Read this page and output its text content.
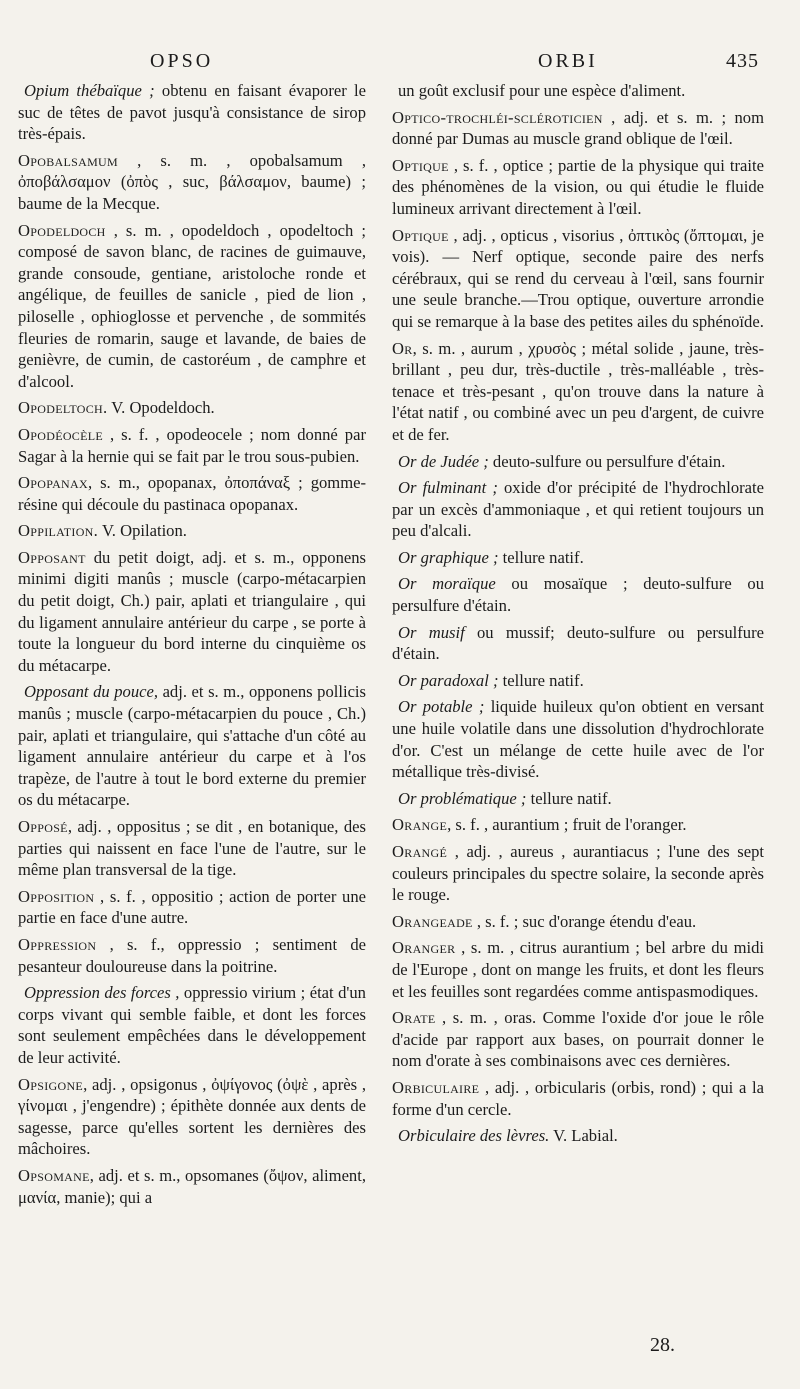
OPSO	ORBI	435

Opium thébaïque ; obtenu en faisant évaporer le suc de têtes de pavot jusqu'à consistance de sirop très-épais.

Opobalsamum , s. m. , opobalsamum , ὀποβάλσαμον (ὀπὸς , suc, βάλσαμον, baume) ; baume de la Mecque.

Opodeldoch , s. m. , opodeldoch , opodeltoch ; composé de savon blanc, de racines de guimauve, grande consoude, gentiane, aristoloche ronde et angélique, de feuilles de sanicle , pied de lion , piloselle , ophioglosse et pervenche , de sommités fleuries de romarin, sauge et lavande, de baies de genièvre, de cumin, de castoréum , de camphre et d'alcool.

Opodeltoch. V. Opodeldoch.

Opodéocèle , s. f. , opodeocele ; nom donné par Sagar à la hernie qui se fait par le trou sous-pubien.

Opopanax, s. m., opopanax, ὀποπάναξ ; gomme-résine qui découle du pastinaca opopanax.

Oppilation. V. Opilation.

Opposant du petit doigt, adj. et s. m., opponens minimi digiti manûs ; muscle (carpo-métacarpien du petit doigt, Ch.) pair, aplati et triangulaire , qui du ligament annulaire antérieur du carpe , se porte à toute la longueur du bord interne du cinquième os du métacarpe.

Opposant du pouce, adj. et s. m., opponens pollicis manûs ; muscle (carpo-métacarpien du pouce , Ch.) pair, aplati et triangulaire, qui s'attache d'un côté au ligament annulaire antérieur du carpe et à l'os trapèze, de l'autre à tout le bord externe du premier os du métacarpe.

Opposé, adj. , oppositus ; se dit , en botanique, des parties qui naissent en face l'une de l'autre, sur le même plan transversal de la tige.

Opposition , s. f. , oppositio ; action de porter une partie en face d'une autre.

Oppression , s. f., oppressio ; sentiment de pesanteur douloureuse dans la poitrine.

Oppression des forces , oppressio virium ; état d'un corps vivant qui semble faible, et dont les forces sont seulement empêchées dans le développement de leur activité.

Opsigone, adj. , opsigonus , ὀψίγονος (ὀψὲ , après , γίνομαι , j'engendre) ; épithète donnée aux dents de sagesse, parce qu'elles sortent les dernières des mâchoires.

Opsomane, adj. et s. m., opsomanes (ὄψον, aliment, μανία, manie); qui a

un goût exclusif pour une espèce d'aliment.

Optico-trochléi-scléroticien , adj. et s. m. ; nom donné par Dumas au muscle grand oblique de l'œil.

Optique , s. f. , optice ; partie de la physique qui traite des phénomènes de la vision, ou qui étudie le fluide lumineux arrivant directement à l'œil.

Optique , adj. , opticus , visorius , ὀπτικὸς (ὄπτομαι, je vois). — Nerf optique, seconde paire des nerfs cérébraux, qui se rend du cerveau à l'œil, sans fournir une seule branche.—Trou optique, ouverture arrondie qui se remarque à la base des petites ailes du sphénoïde.

Or, s. m. , aurum , χρυσὸς ; métal solide , jaune, très-brillant , peu dur, très-ductile , très-malléable , très-tenace et très-pesant , qu'on trouve dans la nature à l'état natif , ou combiné avec un peu d'argent, de cuivre et de fer.

Or de Judée ; deuto-sulfure ou persulfure d'étain.

Or fulminant ; oxide d'or précipité de l'hydrochlorate par un excès d'ammoniaque , et qui retient toujours un peu d'alcali.

Or graphique ; tellure natif.

Or moraïque ou mosaïque ; deuto-sulfure ou persulfure d'étain.

Or musif ou mussif; deuto-sulfure ou persulfure d'étain.

Or paradoxal ; tellure natif.

Or potable ; liquide huileux qu'on obtient en versant une huile volatile dans une dissolution d'hydrochlorate d'or. C'est un mélange de cette huile avec de l'or métallique très-divisé.

Or problématique ; tellure natif.

Orange, s. f. , aurantium ; fruit de l'oranger.

Orangé , adj. , aureus , aurantiacus ; l'une des sept couleurs principales du spectre solaire, la seconde après le rouge.

Orangeade , s. f. ; suc d'orange étendu d'eau.

Oranger , s. m. , citrus aurantium ; bel arbre du midi de l'Europe , dont on mange les fruits, et dont les fleurs et les feuilles sont regardées comme antispasmodiques.

Orate , s. m. , oras. Comme l'oxide d'or joue le rôle d'acide par rapport aux bases, on pourrait donner le nom d'orate à ses combinaisons avec ces dernières.

Orbiculaire , adj. , orbicularis (orbis, rond) ; qui a la forme d'un cercle.

Orbiculaire des lèvres. V. Labial.

28.
